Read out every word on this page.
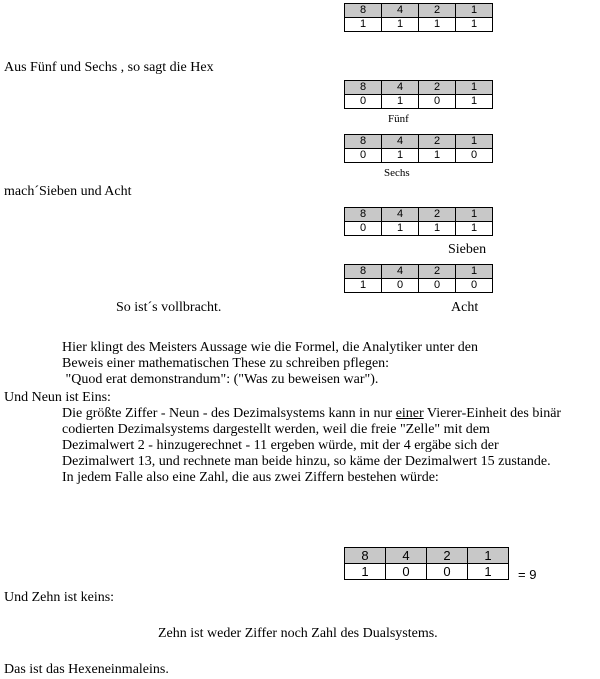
8	4	2	1
1	1	1	1
Aus Fünf und Sechs , so sagt die Hex
8	4	2	1
0	1	0	1
Fünf
8	4	2	1
0	1	1	0
Sechs
mach´Sieben und Acht
8	4	2	1
0	1	1	1
Sieben
8	4	2	1
1	0	0	0
So ist´s vollbracht.	Acht

Hier klingt des Meisters Aussage wie die Formel, die Analytiker unter den

Beweis einer mathematischen These zu schreiben pflegen:

"Quod erat demonstrandum": ("Was zu beweisen war").

Und Neun ist Eins:
Die größte Ziffer - Neun - des Dezimalsystems kann in nur einer Vierer-Einheit des binär codierten Dezimalsystems dargestellt werden, weil die freie "Zelle" mit dem Dezimalwert 2 - hinzugerechnet - 11 ergeben würde, mit der 4 ergäbe sich der Dezimalwert 13, und rechnete man beide hinzu, so käme der Dezimalwert 15 zustande. In jedem Falle also eine Zahl, die aus zwei Ziffern bestehen würde:
8	4	2	1
1	0	0	1 = 9
Und Zehn ist keins:
Zehn ist weder Ziffer noch Zahl des Dualsystems.
Das ist das Hexeneinmaleins.
